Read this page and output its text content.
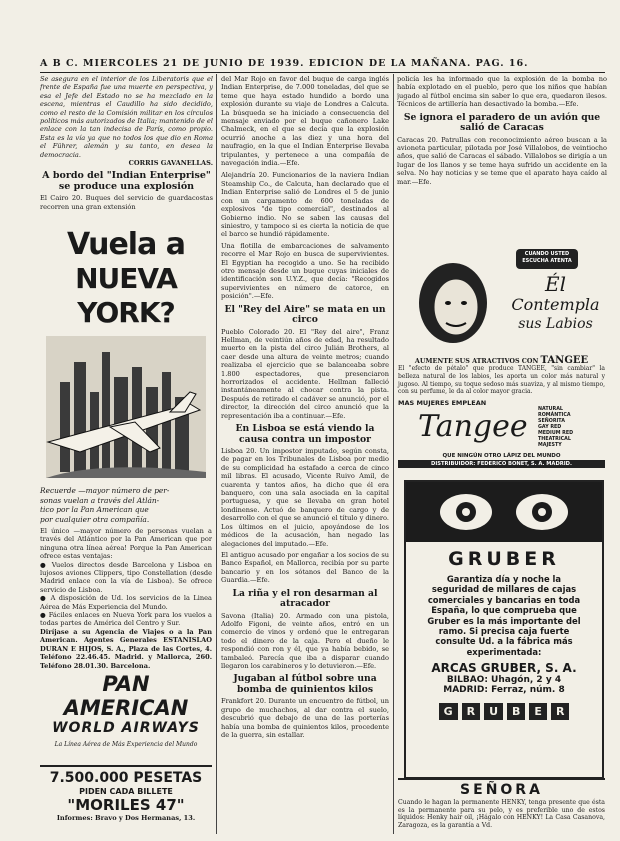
A B C. MIERCOLES 21 DE JUNIO DE 1939. EDICION DE LA MAÑANA. PAG. 16.

Se asegura en el interior de los Liberatoris que el frente de España fue una muerte en perspectiva, y esa el Jefe del Estado no se ha mezclado en la escena, mientras el Caudillo ha sido decidido, como el resto de la Comisión militar en los círculos políticos más autorizados de Italia; mantenido de el enlace con la tan indecisa de París, como propio. Esta es la vía ya que no todos los que dio en Roma el Führer, alemán y su tanto, en desea la democracia.

CORRIS GAVANELLAS.

A bordo del "Indian Enterprise" se produce una explosión

El Cairo 20. Buques del servicio de guardacostas recorren una gran extensión

Vuela a
NUEVA YORK?
Recuerde —mayor número de per-
sonas vuelan a través del Atlán-
tico por la Pan American que
por cualquier otra compañía.

El único —mayor número de personas vuelan a través del Atlántico por la Pan American que por ninguna otra línea aérea! Porque la Pan American ofrece estas ventajas:

● Vuelos directos desde Barcelona y Lisboa en lujosos aviones Clippers, tipo Constellation (desde Madrid enlace con la vía de Lisboa). Se ofrece servicio de Lisboa.

● A disposición de Ud. los servicios de la Linea Aérea de Más Experiencia del Mundo.

● Fáciles enlaces en Nueva York para los vuelos a todas partes de América del Centro y Sur.

Diríjase a su Agencia de Viajes o a la Pan American. Agentes Generales ESTANISLAO DURAN E HIJOS, S. A., Plaza de las Cortes, 4. Teléfono 22.46.45. Madrid. y Mallorca, 260. Teléfono 28.01.30. Barcelona.

PAN AMERICAN
WORLD AIRWAYS
La Línea Aérea de Más Experiencia del Mundo
7.500.000 PESETAS
PIDEN CADA BILLETE
"MORILES 47"
Informes: Bravo y Dos Hermanas, 13.

del Mar Rojo en favor del buque de carga inglés Indian Enterprise, de 7.000 toneladas, del que se teme que haya estado hundido a bordo una explosión durante su viaje de Londres a Calcuta. La búsqueda se ha iniciado a consecuencia del mensaje enviado por el buque cañonero Lake Chalmeck, en el que se decía que la explosión ocurrió anoche a las diez y una hora del naufragio, en la que el Indian Enterprise llevaba tripulantes, y pertenece a una compañía de navegación india.—Efe.

Alejandría 20. Funcionarios de la naviera Indian Steamship Co., de Calcuta, han declarado que el Indian Enterprise salió de Londres el 5 de junio con un cargamento de 600 toneladas de explosivos "de tipo comercial", destinados al Gobierno indio. No se saben las causas del siniestro, y tampoco si es cierta la noticia de que el barco se hundió rápidamente.

Una flotilla de embarcaciones de salvamento recorre el Mar Rojo en busca de supervivientes. El Egyptian ha recogido a uno. Se ha recibido otro mensaje desde un buque cuyas iniciales de identificación son U.Y.Z., que decía: "Recogidos supervivientes en número de catorce, en posición".—Efe.

El "Rey del Aire" se mata en un circo

Pueblo Colorado 20. El "Rey del aire", Franz Hellman, de veintiún años de edad, ha resultado muerto en la pista del circo Julián Brothers, al caer desde una altura de veinte metros; cuando realizaba el ejercicio que se balanceaba sobre 1.800 espectadores, que presenciaron horrorizados el accidente. Hellman falleció instantáneamente al chocar contra la pista. Después de retirado el cadáver se anunció, por el director, la dirección del circo anunció que la representación iba a continuar.—Efe.

En Lisboa se está viendo la causa contra un impostor

Lisboa 20. Un impostor imputado, según consta, de pagar en los Tribunales de Lisboa por medio de su complicidad ha estafado a cerca de cinco mil libras. El acusado, Vicente Ruivo Amil, de cuarenta y tantos años, ha dicho que él era banquero, con una sala asociada en la capital portuguesa, y que se llevaba en gran hotel londinense. Actuó de banquero de cargo y de desarrollo con el que se anunció el título y dinero. Los últimos en el juicio, apoyándose de los médicos de la acusación, han negado las alegaciones del imputado.—Efe.

El antiguo acusado por engañar a los socios de su Banco Español, en Mallorca, recibía por su parte bancario y en los sótanos del Banco de la Guardia.—Efe.

La riña y el ron desarman al atracador

Savona (Italia) 20. Armado con una pistola, Adolfo Figoni, de veinte años, entró en un comercio de vinos y ordenó que le entregaran todo el dinero de la caja. Pero el dueño le respondió con ron y él, que ya había bebido, se tambaleó. Parecía que iba a disparar cuando llegaron los carabineros y lo detuvieron.—Efe.

Jugaban al fútbol sobre una bomba de quinientos kilos

Frankfort 20. Durante un encuentro de fútbol, un grupo de muchachos, al dar contra el suelo, descubrió que debajo de una de las porterías había una bomba de quinientos kilos, procedente de la guerra, sin estallar.

policía les ha informado que la explosión de la bomba no había explotado en el pueblo, pero que los niños que habían jugado al fútbol encima sin saber lo que era, quedaron ilesos. Técnicos de artillería han desactivado la bomba.—Efe.

Se ignora el paradero de un avión que salió de Caracas

Caracas 20. Patrullas con reconocimiento aéreo buscan a la avioneta particular, pilotada por José Villalobos, de veintiocho años, que salió de Caracas el sábado. Villalobos se dirigía a un lugar de los llanos y se teme haya sufrido un accidente en la selva. No hay noticias y se teme que el aparato haya caído al mar.—Efe.

CUANDO USTED ESCUCHA ATENTA
Él
Contempla
sus Labios
AUMENTE SUS ATRACTIVOS CON TANGEE

El "efecto de pétalo" que produce TANGEE, "sin cambiar" la belleza natural de los labios, les aporta un color más natural y jugoso. Al tiempo, su toque sedoso más suaviza, y al mismo tiempo, con su perfume, le da al color mayor gracia.

MAS MUJERES EMPLEAN
Tangee NATURAL
ROMÁNTICA
SEÑORITA
GAY RED
MEDIUM RED
THEATRICAL
MAJESTY
QUE NINGÚN OTRO LÁPIZ DEL MUNDO
DISTRIBUIDOR: FEDERICO BONET, S. A. MADRID.
GRUBER

Garantiza día y noche la seguridad de millares de cajas comerciales y bancarias en toda España, lo que comprueba que Gruber es la más importante del ramo. Si precisa caja fuerte consulte Ud. a la fábrica más experimentada:

ARCAS GRUBER, S. A.
BILBAO: Uhagón, 2 y 4
MADRID: Ferraz, núm. 8
G	R	U	B	E	R
SEÑORA

Cuando le hagan la permanente HENKY, tenga presente que ésta es la permanente para su pelo, y es preferible uno de estos líquidos: Henky hair oil, ¡Hágalo con HENKY! La Casa Casanova, Zaragoza, es la garantía a Vd.
